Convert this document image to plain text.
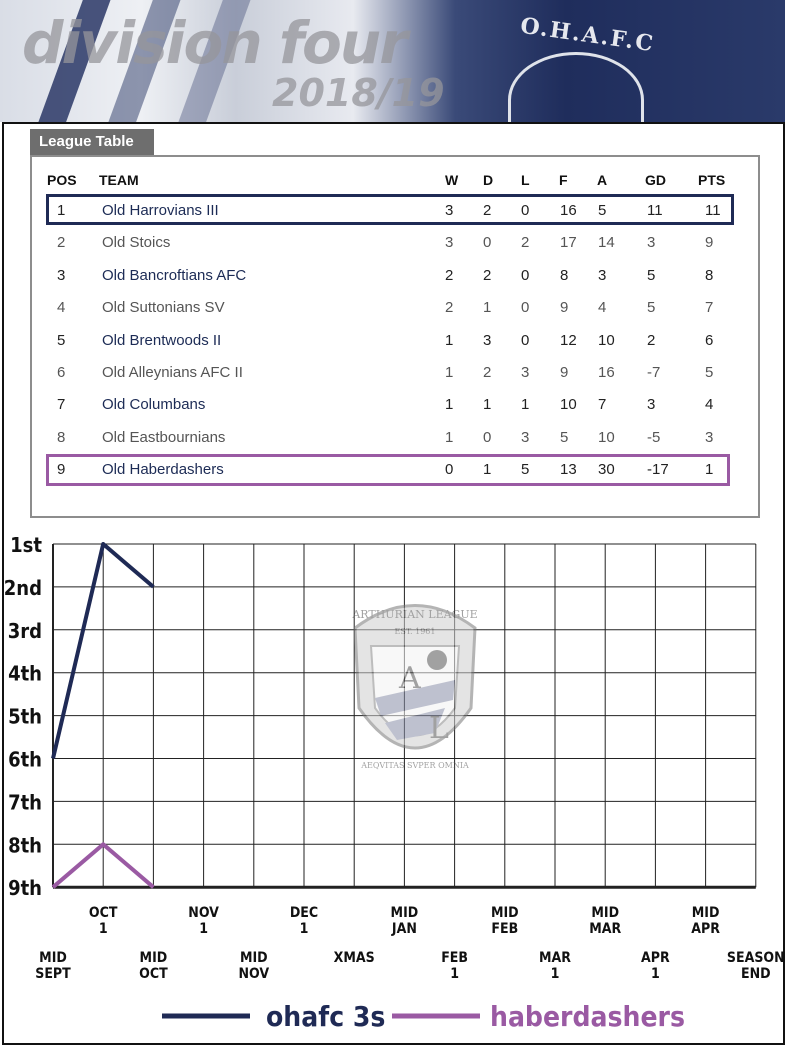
O.H.A.F.C
division four
2018/19
League Table
POS TEAM	W D L F A	GD PTS
1 Old Harrovians III	3 2 0 16 5	11	11
2 Old Stoics	3 0 2 17 14 3	9
3 Old Bancroftians AFC	2 2 0 8 3	5	8
4 Old Suttonians SV	2 1 0 9 4	5	7
5 Old Brentwoods II	1 3 0 12 10 2	6
6 Old Alleynians AFC II	1 2 3 9 16 -7	5
7 Old Columbans	1 1 1 10 7	3	4
8 Old Eastbournians	1 0 3 5 10 -5	3
9 Old Haberdashers	0 1 5 13 30 -17 1
1st
2nd
3rd
4th
5th
6th
7th
8th
9th
OCT
1
NOV
1
DEC
1
MID
JAN
MID
FEB
MID
MAR
MID
APR
MID
SEPT
MID
OCT
MID
NOV
XMAS	FEB
1
MAR
1
APR
1
SEASON
END
A
L
ARTHURIAN LEAGUE
EST. 1961
AEQVITAS SVPER OMNIA
ohafc 3s	haberdashers
